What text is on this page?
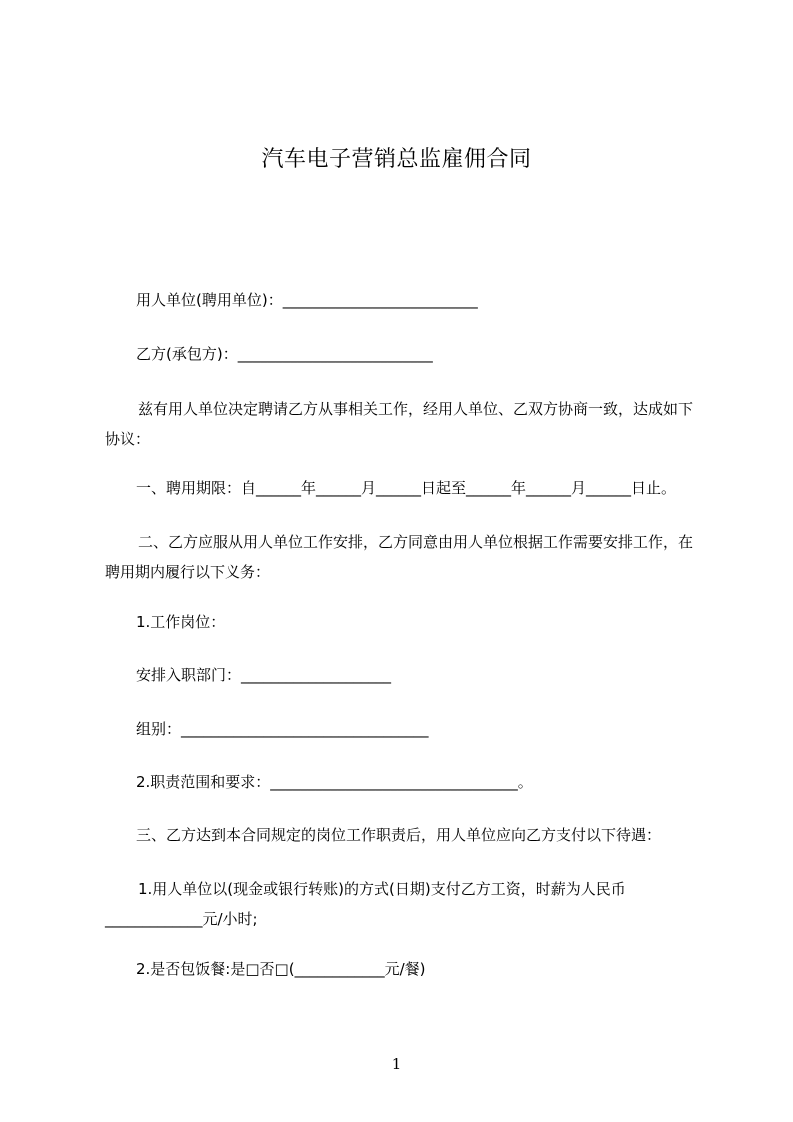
汽车电子营销总监雇佣合同

用人单位(聘用单位)：__________________________

乙方(承包方)：__________________________

兹有用人单位决定聘请乙方从事相关工作，经用人单位、乙双方协商一致，达成如下协议：

一、聘用期限：自______年______月______日起至______年______月______日止。

二、乙方应服从用人单位工作安排，乙方同意由用人单位根据工作需要安排工作，在聘用期内履行以下义务：

1.工作岗位：

安排入职部门：____________________

组别：_________________________________

2.职责范围和要求：_________________________________。

三、乙方达到本合同规定的岗位工作职责后，用人单位应向乙方支付以下待遇：

1.用人单位以(现金或银行转账)的方式(日期)支付乙方工资，时薪为人民币_____________元/小时;

2.是否包饭餐:是□否□(____________元/餐)

1
